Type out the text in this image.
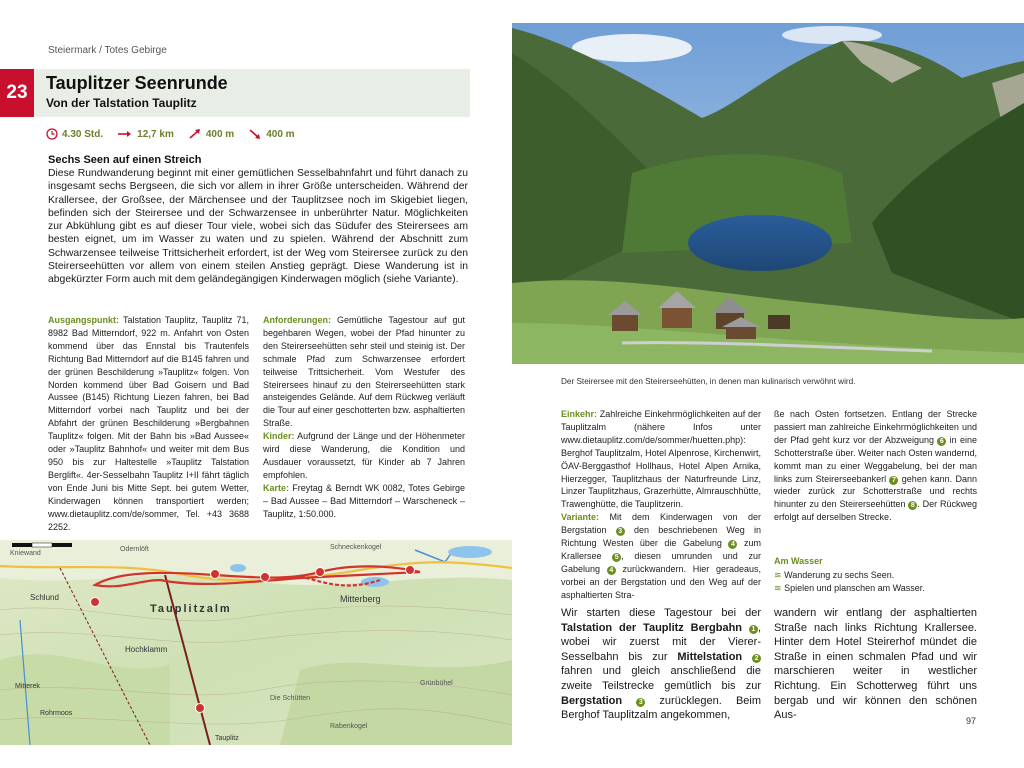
Steiermark / Totes Gebirge
23	Tauplitzer Seenrunde
Von der Talstation Tauplitz
4.30 Std.	12,7 km	400 m	400 m
Sechs Seen auf einen Streich
Diese Rundwanderung beginnt mit einer gemütlichen Sesselbahnfahrt und führt danach zu insgesamt sechs Bergseen, die sich vor allem in ihrer Größe unterscheiden. Während der Krallersee, der Großsee, der Märchensee und der Tauplitzsee noch im Skigebiet liegen, befinden sich der Steirersee und der Schwarzensee in unberührter Natur. Möglichkeiten zur Abkühlung gibt es auf dieser Tour viele, wobei sich das Südufer des Steirersees am besten eignet, um im Wasser zu waten und zu spielen. Während der Abschnitt zum Schwarzensee teilweise Trittsicherheit erfordert, ist der Weg vom Steirersee zurück zu den Steirerseehütten vor allem von einem steilen Anstieg geprägt. Diese Wanderung ist in abgekürzter Form auch mit dem geländegängigen Kinderwagen möglich (siehe Variante).
Ausgangspunkt: Talstation Tauplitz, Tauplitz 71, 8982 Bad Mitterndorf, 922 m. Anfahrt von Osten kommend über das Ennstal bis Trautenfels Richtung Bad Mitterndorf auf die B145 fahren und der grünen Beschilderung »Tauplitz« folgen. Von Norden kommend über Bad Goisern und Bad Aussee (B145) Richtung Liezen fahren, bei Bad Mitterndorf vorbei nach Tauplitz und bei der Abfahrt der grünen Beschilderung »Bergbahnen Tauplitz« folgen. Mit der Bahn bis »Bad Aussee« oder »Tauplitz Bahnhof« und weiter mit dem Bus 950 bis zur Haltestelle »Tauplitz Talstation Berglift«. 4er-Sesselbahn Tauplitz I+II fährt täglich von Ende Juni bis Mitte Sept. bei gutem Wetter, Kinderwagen können transportiert werden; www.dietauplitz.com/de/sommer, Tel. +43 3688 2252.
Anforderungen: Gemütliche Tagestour auf gut begehbaren Wegen, wobei der Pfad hinunter zu den Steirerseehütten sehr steil und steinig ist. Der schmale Pfad zum Schwarzensee erfordert teilweise Trittsicherheit. Vom Westufer des Steirersees hinauf zu den Steirerseehütten stark ansteigendes Gelände. Auf dem Rückweg verläuft die Tour auf einer geschotterten bzw. asphaltierten Straße.
Kinder: Aufgrund der Länge und der Höhenmeter wird diese Wanderung, die Kondition und Ausdauer voraussetzt, für Kinder ab 7 Jahren empfohlen.
Karte: Freytag & Berndt WK 0082, Totes Gebirge – Bad Aussee – Bad Mitterndorf – Warscheneck – Tauplitz, 1:50.000.
Kniewand
Odernlöft	Schneckenkogel
Die Schütten
Rabenkogel
Grünbühel
Tauplitzalm
Mitterberg
Hochklamm
Schlund
Mitterek
Rohrmoos
Tauplitz
Der Steirersee mit den Steirerseehütten, in denen man kulinarisch verwöhnt wird.
Einkehr: Zahlreiche Einkehrmöglichkeiten auf der Tauplitzalm (nähere Infos unter www.dietauplitz.com/de/sommer/huetten.php): Berghof Tauplitzalm, Hotel Alpenrose, Kirchenwirt, ÖAV-Berggasthof Hollhaus, Hotel Alpen Arnika, Hierzegger, Tauplitzhaus der Naturfreunde Linz, Linzer Tauplitzhaus, Grazerhütte, Almrauschhütte, Trawenghütte, die Tauplitzerin.
Variante: Mit dem Kinderwagen von der Bergstation 3 den beschriebenen Weg in Richtung Westen über die Gabelung 4 zum Krallersee 5 , diesen umrunden und zur Gabelung 4 zurückwandern. Hier geradeaus, vorbei an der Bergstation und den Weg auf der asphaltierten Stra-
ße nach Osten fortsetzen. Entlang der Strecke passiert man zahlreiche Einkehrmöglichkeiten und der Pfad geht kurz vor der Abzweigung 6 in eine Schotterstraße über. Weiter nach Osten wandernd, kommt man zu einer Weggabelung, bei der man links zum Steirerseebankerl 7 gehen kann. Dann wieder zurück zur Schotterstraße und rechts hinunter zu den Steirerseehütten 8 . Der Rückweg erfolgt auf derselben Strecke.
Am Wasser
≋ Wanderung zu sechs Seen.
≋ Spielen und planschen am Wasser.
Wir starten diese Tagestour bei der Talstation der Tauplitz Bergbahn 1 , wobei wir zuerst mit der Vierer-Sesselbahn bis zur Mittelstation 2 fahren und gleich anschließend die zweite Teilstrecke gemütlich bis zur Bergstation 3 zurücklegen. Beim Berghof Tauplitzalm angekommen,
wandern wir entlang der asphaltierten Straße nach links Richtung Krallersee. Hinter dem Hotel Steirerhof mündet die Straße in einen schmalen Pfad und wir marschieren weiter in westlicher Richtung. Ein Schotterweg führt uns bergab und wir können den schönen Aus-	97
